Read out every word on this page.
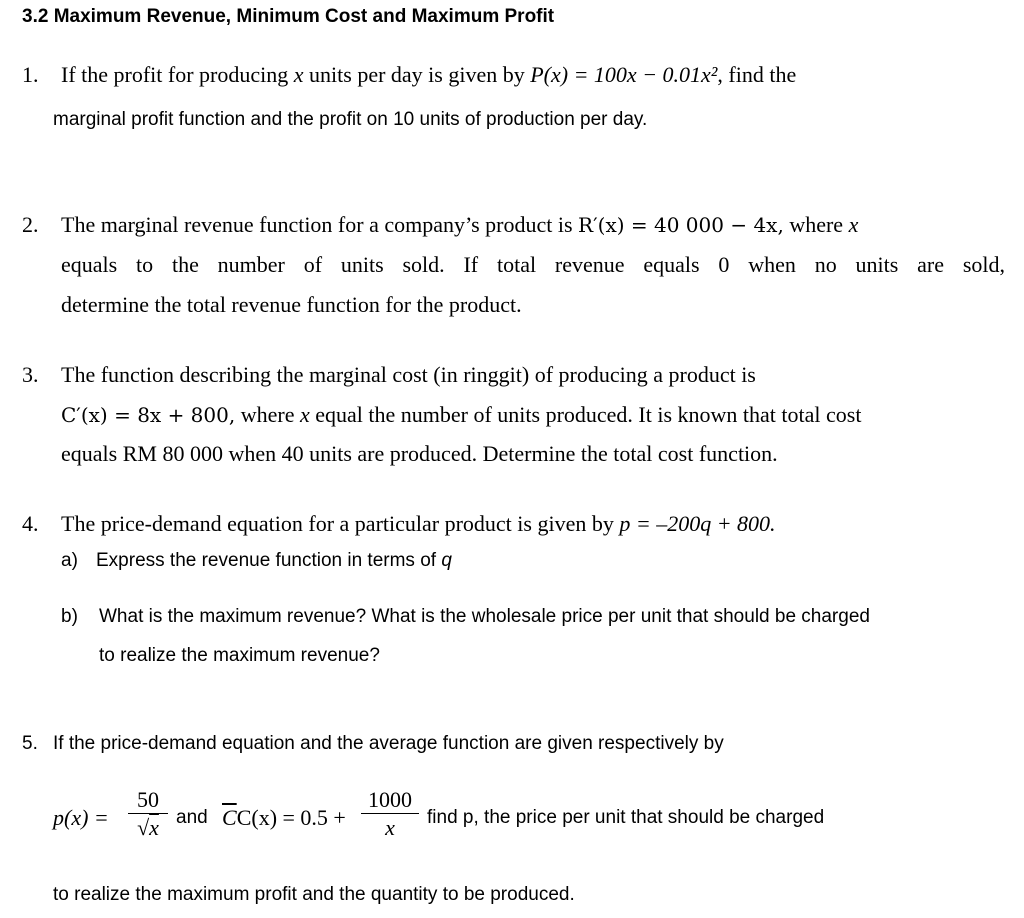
3.2 Maximum Revenue, Minimum Cost and Maximum Profit
1. If the profit for producing x units per day is given by P(x) = 100x − 0.01x², find the
marginal profit function and the profit on 10 units of production per day.
2. The marginal revenue function for a company’s product is R′(x) = 40 000 − 4x, where x
equals to the number of units sold. If total revenue equals 0 when no units are sold,
determine the total revenue function for the product.
3. The function describing the marginal cost (in ringgit) of producing a product is
C′(x) = 8x + 800, where x equal the number of units produced. It is known that total cost
equals RM 80 000 when 40 units are produced. Determine the total cost function.
4. The price-demand equation for a particular product is given by p = –200q + 800.
a) Express the revenue function in terms of q
b) What is the maximum revenue? What is the wholesale price per unit that should be charged
to realize the maximum revenue?
5. If the price-demand equation and the average function are given respectively by
$p(x) = \frac{50}{√x}$ and $\overline{C}C(x) = 0.5 + \frac{1000}{x}$ find p, the price per unit that should be charged
to realize the maximum profit and the quantity to be produced.
